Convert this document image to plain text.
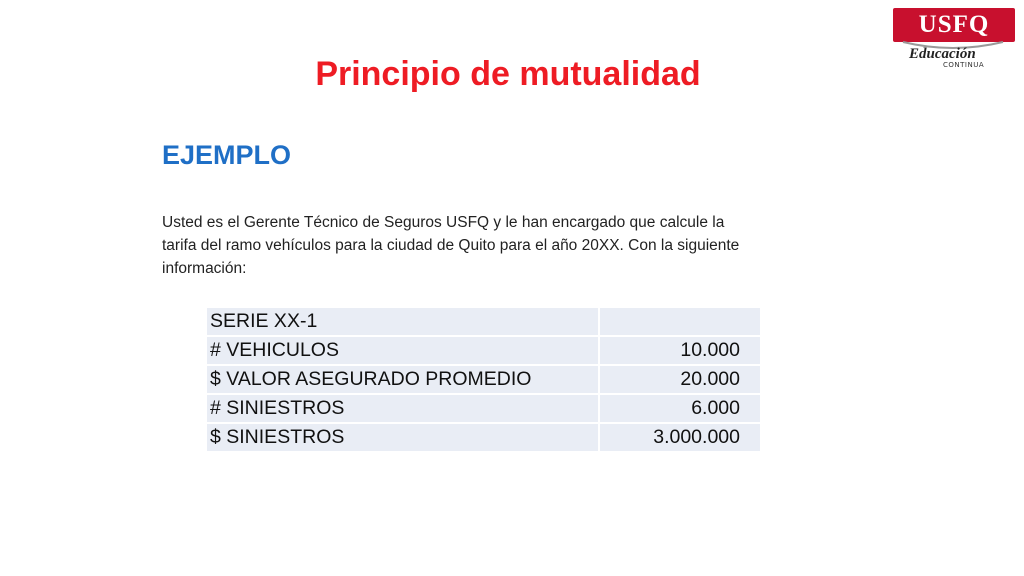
USFQ
Educación
CONTINUA
Principio de mutualidad
EJEMPLO
Usted es el Gerente Técnico de Seguros USFQ y le han encargado que calcule la
tarifa del ramo vehículos para la ciudad de Quito para el año 20XX. Con la siguiente
información:
SERIE XX-1	
# VEHICULOS	10.000
$ VALOR ASEGURADO PROMEDIO	20.000
# SINIESTROS	6.000
$ SINIESTROS	3.000.000
